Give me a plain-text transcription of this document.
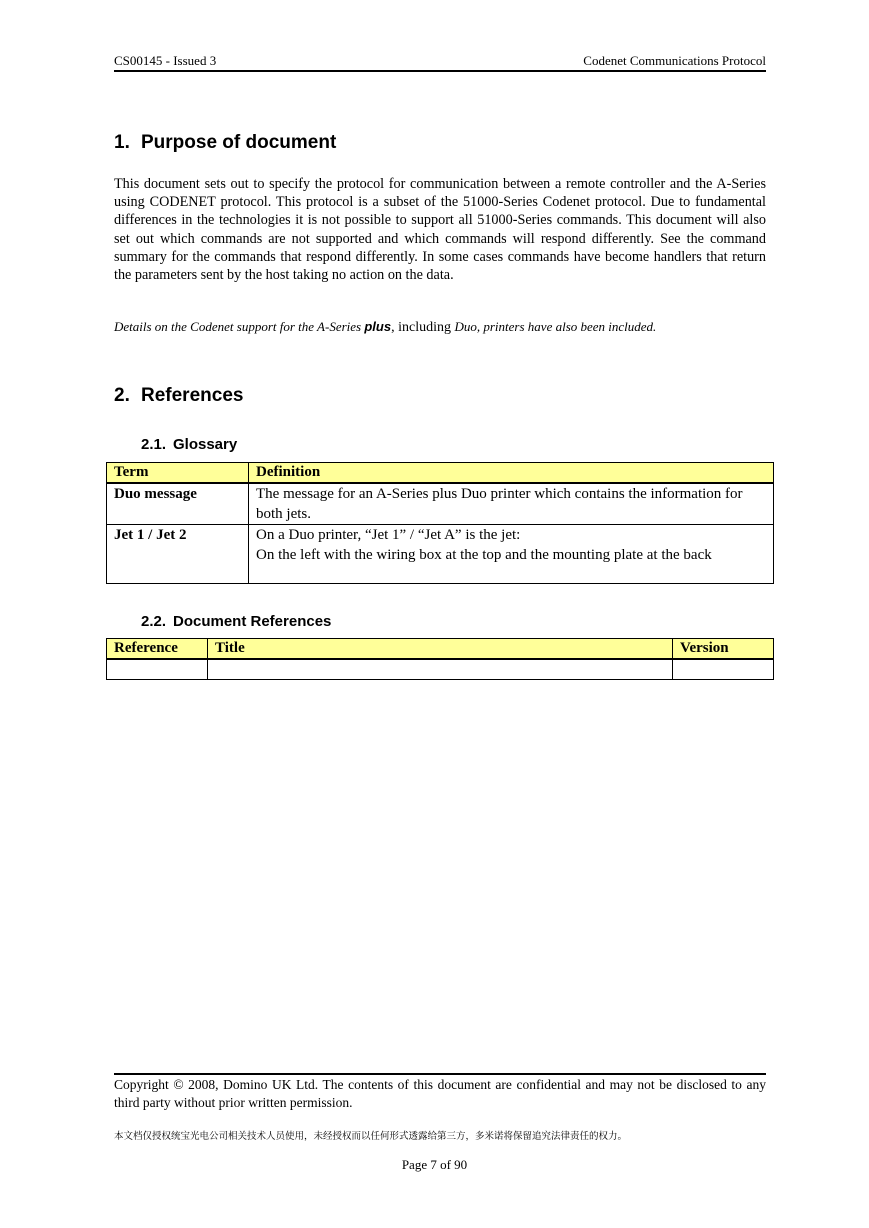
CS00145 - Issued 3	Codenet Communications Protocol
1. Purpose of document
This document sets out to specify the protocol for communication between a remote controller and the A-Series using CODENET protocol. This protocol is a subset of the 51000-Series Codenet protocol. Due to fundamental differences in the technologies it is not possible to support all 51000-Series commands. This document will also set out which commands are not supported and which commands will respond differently. See the command summary for the commands that respond differently. In some cases commands have become handlers that return the parameters sent by the host taking no action on the data.
Details on the Codenet support for the A-Series plus, including Duo, printers have also been included.
2. References
2.1. Glossary
Term	Definition
Duo message	The message for an A-Series plus Duo printer which contains the information for both jets.
Jet 1 / Jet 2	On a Duo printer, “Jet 1” / “Jet A” is the jet:
On the left with the wiring box at the top and the mounting plate at the back
2.2. Document References
Reference	Title	Version

Copyright © 2008, Domino UK Ltd. The contents of this document are confidential and may not be disclosed to any third party without prior written permission.
本文档仅授权统宝光电公司相关技术人员使用，未经授权而以任何形式透露给第三方，多米诺将保留追究法律责任的权力。
Page 7 of 90
